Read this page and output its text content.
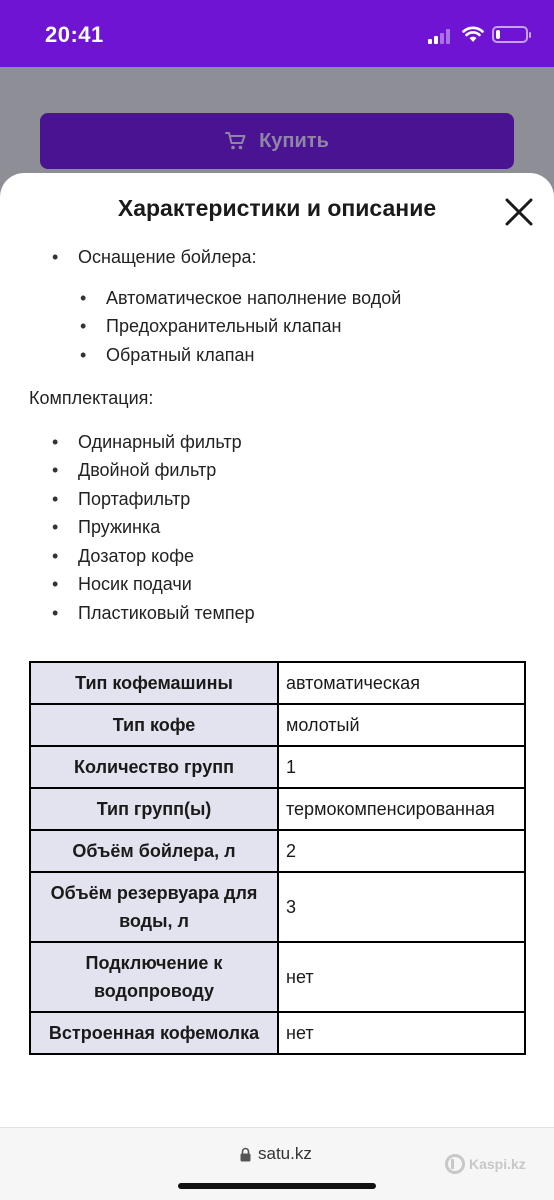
20:41
Купить
Характеристики и описание
• Оснащение бойлера:
• Автоматическое наполнение водой
• Предохранительный клапан
• Обратный клапан
Комплектация:
• Одинарный фильтр
• Двойной фильтр
• Портафильтр
• Пружинка
• Дозатор кофе
• Носик подачи
• Пластиковый темпер
Тип кофемашины	автоматическая
Тип кофе	молотый
Количество групп	1
Тип групп(ы)	термокомпенсированная
Объём бойлера, л	2
Объём резервуара для воды, л	3
Подключение к водопроводу	нет
Встроенная кофемолка	нет
satu.kz
Kaspi.kz
